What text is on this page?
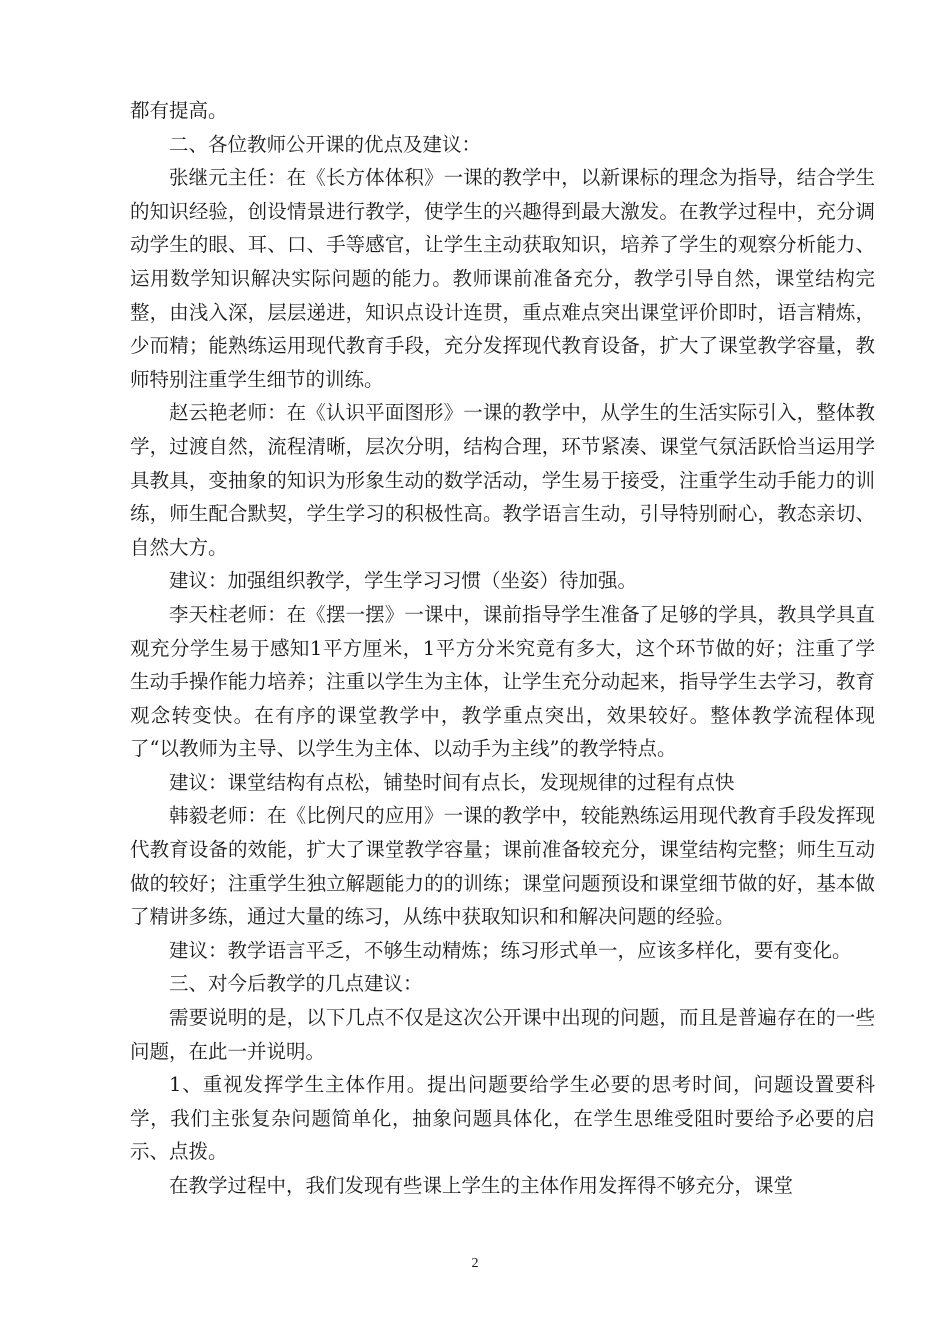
都有提高。

二、各位教师公开课的优点及建议：

张继元主任：在《长方体体积》一课的教学中，以新课标的理念为指导，结合学生的知识经验，创设情景进行教学，使学生的兴趣得到最大激发。在教学过程中，充分调动学生的眼、耳、口、手等感官，让学生主动获取知识，培养了学生的观察分析能力、运用数学知识解决实际问题的能力。教师课前准备充分，教学引导自然，课堂结构完整，由浅入深，层层递进，知识点设计连贯，重点难点突出课堂评价即时，语言精炼，少而精；能熟练运用现代教育手段，充分发挥现代教育设备，扩大了课堂教学容量，教师特别注重学生细节的训练。

赵云艳老师：在《认识平面图形》一课的教学中，从学生的生活实际引入，整体教学，过渡自然，流程清晰，层次分明，结构合理，环节紧凑、课堂气氛活跃恰当运用学具教具，变抽象的知识为形象生动的数学活动，学生易于接受，注重学生动手能力的训练，师生配合默契，学生学习的积极性高。教学语言生动，引导特别耐心，教态亲切、自然大方。

建议：加强组织教学，学生学习习惯（坐姿）待加强。

李天柱老师：在《摆一摆》一课中，课前指导学生准备了足够的学具，教具学具直观充分学生易于感知1平方厘米，1平方分米究竟有多大，这个环节做的好；注重了学生动手操作能力培养；注重以学生为主体，让学生充分动起来，指导学生去学习，教育观念转变快。在有序的课堂教学中，教学重点突出，效果较好。整体教学流程体现了“以教师为主导、以学生为主体、以动手为主线”的教学特点。

建议：课堂结构有点松，铺垫时间有点长，发现规律的过程有点快

韩毅老师：在《比例尺的应用》一课的教学中，较能熟练运用现代教育手段发挥现代教育设备的效能，扩大了课堂教学容量；课前准备较充分，课堂结构完整；师生互动做的较好；注重学生独立解题能力的的训练；课堂问题预设和课堂细节做的好，基本做了精讲多练，通过大量的练习，从练中获取知识和和解决问题的经验。

建议：教学语言平乏，不够生动精炼；练习形式单一，应该多样化，要有变化。

三、对今后教学的几点建议：

需要说明的是，以下几点不仅是这次公开课中出现的问题，而且是普遍存在的一些问题，在此一并说明。

1、重视发挥学生主体作用。提出问题要给学生必要的思考时间，问题设置要科学，我们主张复杂问题简单化，抽象问题具体化，在学生思维受阻时要给予必要的启示、点拨。

在教学过程中，我们发现有些课上学生的主体作用发挥得不够充分，课堂

2
